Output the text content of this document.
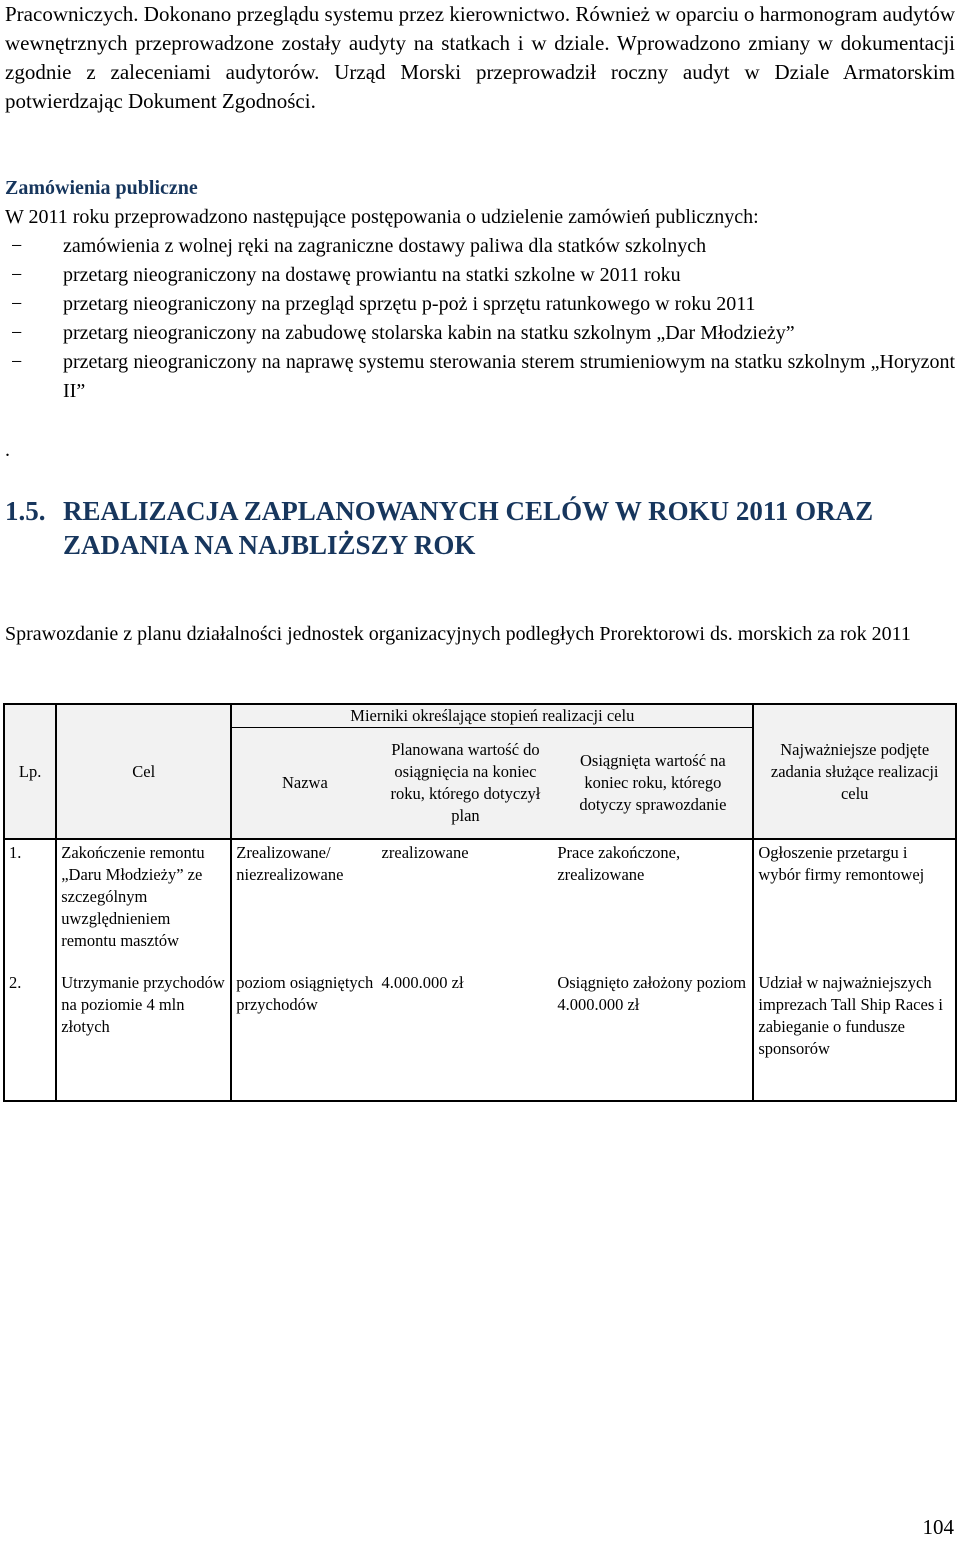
Pracowniczych. Dokonano przeglądu systemu przez kierownictwo. Również w oparciu o harmonogram audytów wewnętrznych przeprowadzone zostały audyty na statkach i w dziale. Wprowadzono zmiany w dokumentacji zgodnie z zaleceniami audytorów. Urząd Morski przeprowadził roczny audyt w Dziale Armatorskim potwierdzając Dokument Zgodności.

Zamówienia publiczne

W 2011 roku przeprowadzono następujące postępowania o udzielenie zamówień publicznych:

− zamówienia z wolnej ręki na zagraniczne dostawy paliwa dla statków szkolnych
− przetarg nieograniczony na dostawę prowiantu na statki szkolne w 2011 roku
− przetarg nieograniczony na przegląd sprzętu p-poż i sprzętu ratunkowego w roku 2011
− przetarg nieograniczony na zabudowę stolarska kabin na statku szkolnym „Dar Młodzieży”
− przetarg nieograniczony na naprawę systemu sterowania sterem strumieniowym na statku szkolnym „Horyzont II”
.
1.5. REALIZACJA ZAPLANOWANYCH CELÓW W ROKU 2011 ORAZ ZADANIA NA NAJBLIŻSZY ROK

Sprawozdanie z planu działalności jednostek organizacyjnych podległych Prorektorowi ds. morskich za rok 2011

Lp.	Cel	Mierniki określające stopień realizacji celu			Najważniejsze podjęte zadania służące realizacji celu
		Nazwa	Planowana wartość do osiągnięcia na koniec roku, którego dotyczył plan	Osiągnięta wartość na koniec roku, którego dotyczy sprawozdanie	
1.	Zakończenie remontu „Daru Młodzieży” ze szczególnym uwzględnieniem remontu masztów	Zrealizowane/ niezrealizowane	zrealizowane	Prace zakończone, zrealizowane	Ogłoszenie przetargu i wybór firmy remontowej
2.	Utrzymanie przychodów na poziomie 4 mln złotych	poziom osiągniętych przychodów	4.000.000 zł	Osiągnięto założony poziom 4.000.000 zł	Udział w najważniejszych imprezach Tall Ship Races i zabieganie o fundusze sponsorów
104
